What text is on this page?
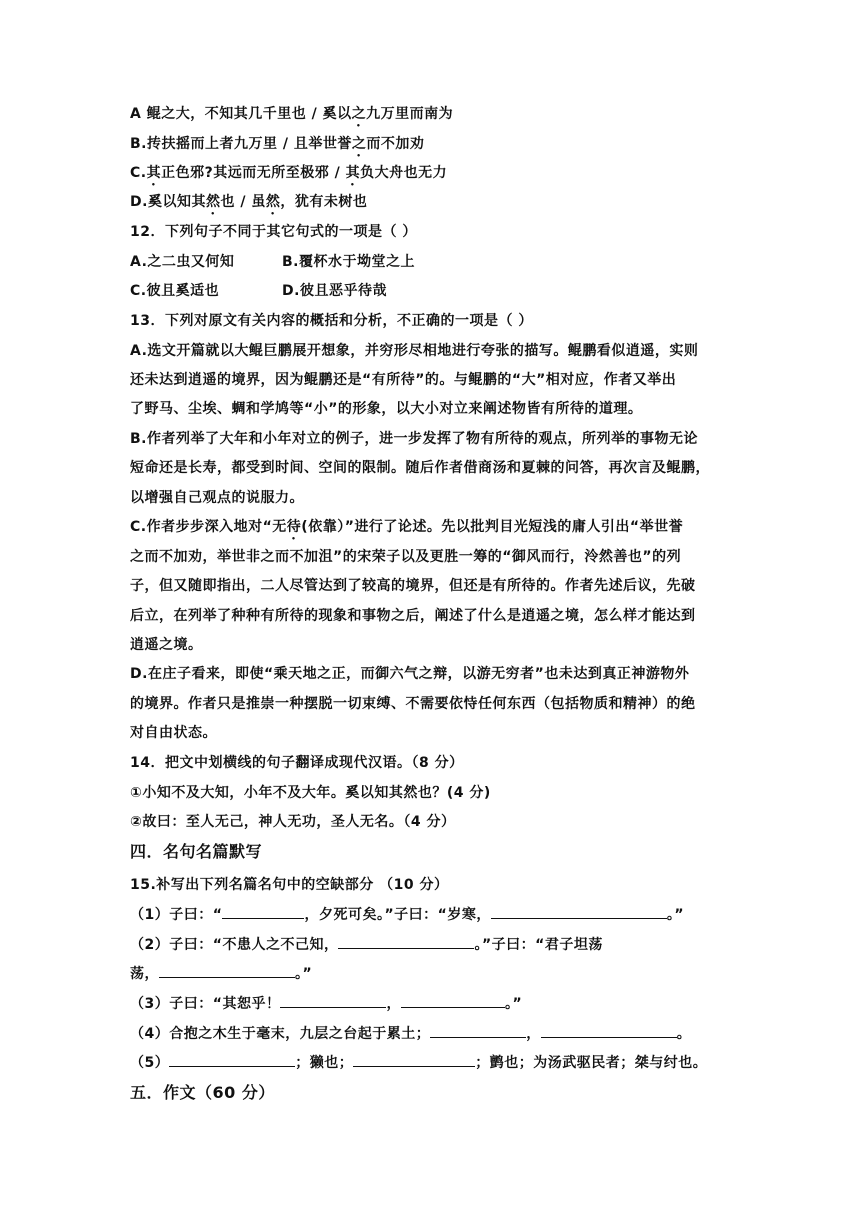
A 鲲之大，不知其几千里也 / 奚以之九万里而南为
B.抟扶摇而上者九万里 / 且举世誉之而不加劝
C.其正色邪?其远而无所至极邪 / 其负大舟也无力
D.奚以知其然也 / 虽然，犹有未树也
12．下列句子不同于其它句式的一项是（ ）
A.之二虫又何知	B.覆杯水于坳堂之上
C.彼且奚适也	D.彼且恶乎待哉
13．下列对原文有关内容的概括和分析，不正确的一项是（ ）
A.选文开篇就以大鲲巨鹏展开想象，并穷形尽相地进行夸张的描写。鲲鹏看似逍遥，实则
还未达到逍遥的境界，因为鲲鹏还是“有所待”的。与鲲鹏的“大”相对应，作者又举出
了野马、尘埃、蜩和学鸠等“小”的形象，以大小对立来阐述物皆有所待的道理。
B.作者列举了大年和小年对立的例子，进一步发挥了物有所待的观点，所列举的事物无论
短命还是长寿，都受到时间、空间的限制。随后作者借商汤和夏棘的问答，再次言及鲲鹏，
以增强自己观点的说服力。
C.作者步步深入地对“无待(依靠）”进行了论述。先以批判目光短浅的庸人引出“举世誉
之而不加劝，举世非之而不加沮”的宋荣子以及更胜一筹的“御风而行，泠然善也”的列
子，但又随即指出，二人尽管达到了较高的境界，但还是有所待的。作者先述后议，先破
后立，在列举了种种有所待的现象和事物之后，阐述了什么是逍遥之境，怎么样才能达到
逍遥之境。
D.在庄子看来，即使“乘天地之正，而御六气之辩，以游无穷者”也未达到真正神游物外
的境界。作者只是推崇一种摆脱一切束缚、不需要依恃任何东西（包括物质和精神）的绝
对自由状态。
14．把文中划横线的句子翻译成现代汉语。（8 分）
①小知不及大知，小年不及大年。奚以知其然也？(4 分)
②故曰：至人无己，神人无功，圣人无名。（4 分）
四．名句名篇默写
15.补写出下列名篇名句中的空缺部分 （10 分）
（1）子曰：“	，夕死可矣。”子曰：“岁寒，	。”
（2）子曰：“不患人之不己知，	。”子曰：“君子坦荡
荡，	。”
（3）子曰：“其恕乎！	，	。”
（4）合抱之木生于毫末，九层之台起于累土；	，	。
（5）	；獭也；	；鹯也；为汤武驱民者；桀与纣也。
五．作文（60 分）
